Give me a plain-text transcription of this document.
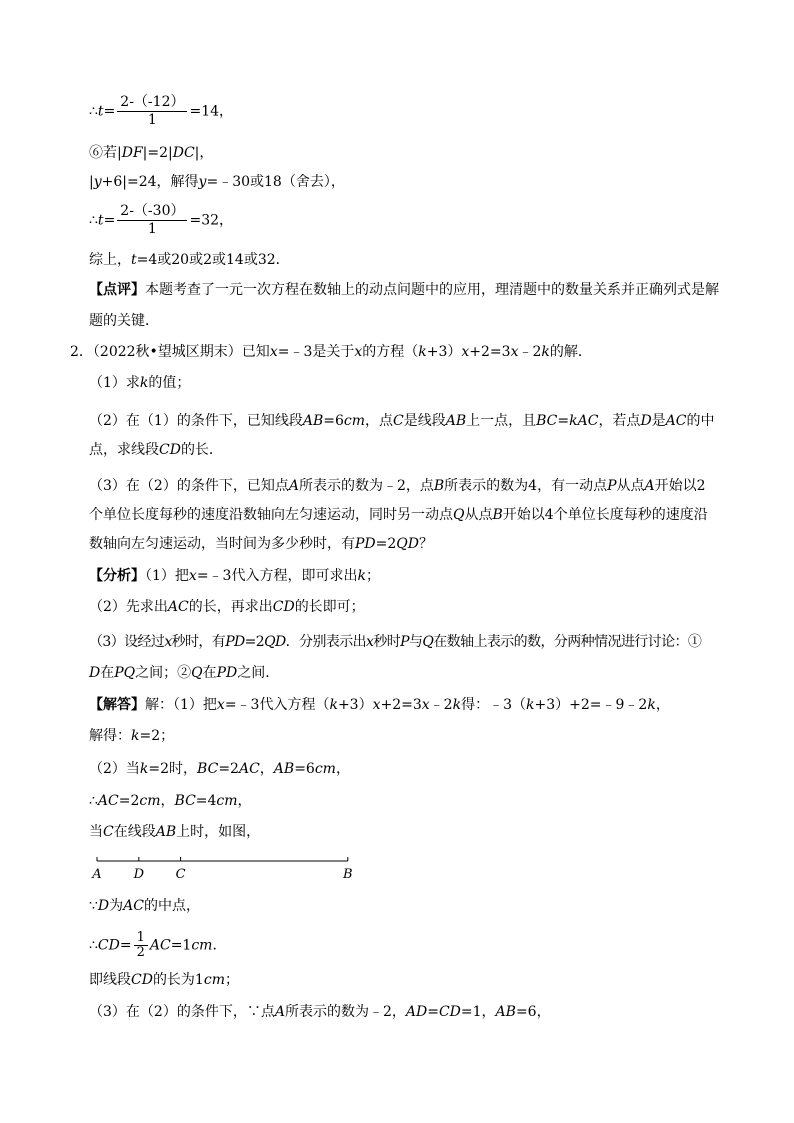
∴t= $\frac{2-(-12)}{1} =14$，
⑥若|DF|=2|DC|，
|y+6|=24，解得y=﹣30或18（舍去），
∴t= $\frac{2-(-30)}{1} =32$，
综上，t=4或20或2或14或32．
【点评】本题考查了一元一次方程在数轴上的动点问题中的应用，理清题中的数量关系并正确列式是解
题的关键．
2．（2022秋•望城区期末）已知x=﹣3是关于x的方程（k+3）x+2=3x﹣2k的解．
（1）求k的值；
（2）在（1）的条件下，已知线段AB=6cm，点C是线段AB上一点，且BC=kAC，若点D是AC的中
点，求线段CD的长．
（3）在（2）的条件下，已知点A所表示的数为﹣2，点B所表示的数为4，有一动点P从点A开始以2
个单位长度每秒的速度沿数轴向左匀速运动，同时另一动点Q从点B开始以4个单位长度每秒的速度沿
数轴向左匀速运动，当时间为多少秒时，有PD=2QD？
【分析】（1）把x=﹣3代入方程，即可求出k；
（2）先求出AC的长，再求出CD的长即可；
（3）设经过x秒时，有PD=2QD．分别表示出x秒时P与Q在数轴上表示的数，分两种情况进行讨论：①
D在PQ之间；②Q在PD之间．
【解答】解：（1）把x=﹣3代入方程（k+3）x+2=3x﹣2k得：﹣3（k+3）+2=﹣9﹣2k，
解得：k=2；
（2）当k=2时，BC=2AC，AB=6cm，
∴AC=2cm，BC=4cm，
当C在线段AB上时，如图，
A D C	B
∵D为AC的中点，
∴CD= $\frac{1}{2} AC=1cm$．
即线段CD的长为1cm；
（3）在（2）的条件下，∵点A所表示的数为﹣2，AD=CD=1，AB=6，
